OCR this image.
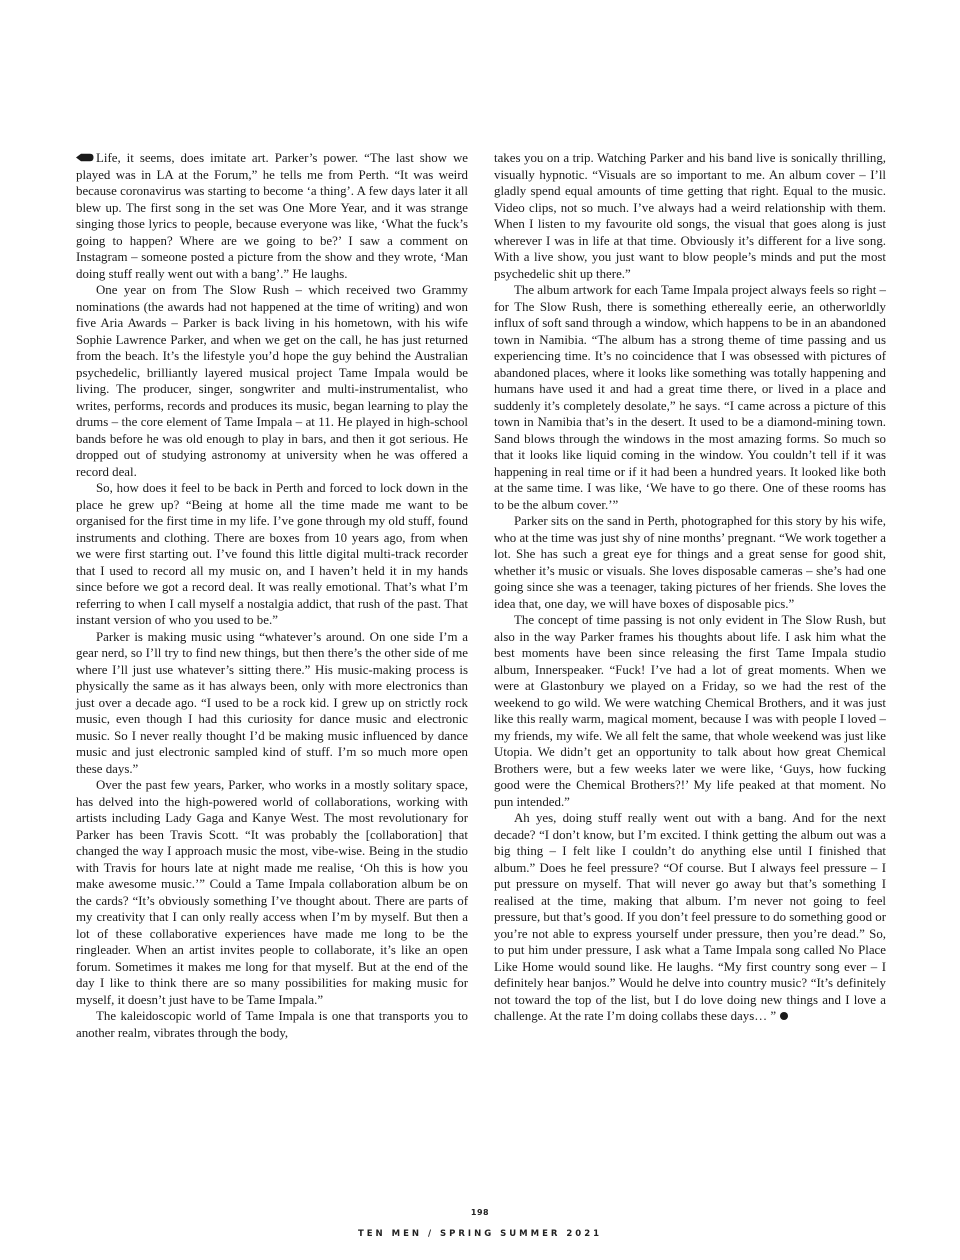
Life, it seems, does imitate art. Parker’s power. “The last show we played was in LA at the Forum,” he tells me from Perth. “It was weird because coronavirus was starting to become ‘a thing’. A few days later it all blew up. The first song in the set was One More Year, and it was strange singing those lyrics to people, because everyone was like, ‘What the fuck’s going to happen? Where are we going to be?’ I saw a comment on Instagram – someone posted a picture from the show and they wrote, ‘Man doing stuff really went out with a bang’.” He laughs.

One year on from The Slow Rush – which received two Grammy nominations (the awards had not happened at the time of writing) and won five Aria Awards – Parker is back living in his hometown, with his wife Sophie Lawrence Parker, and when we get on the call, he has just returned from the beach. It’s the lifestyle you’d hope the guy behind the Australian psychedelic, brilliantly layered musical project Tame Impala would be living. The producer, singer, songwriter and multi-instrumentalist, who writes, performs, records and produces its music, began learning to play the drums – the core element of Tame Impala – at 11. He played in high-school bands before he was old enough to play in bars, and then it got serious. He dropped out of studying astronomy at university when he was offered a record deal.

So, how does it feel to be back in Perth and forced to lock down in the place he grew up? “Being at home all the time made me want to be organised for the first time in my life. I’ve gone through my old stuff, found instruments and clothing. There are boxes from 10 years ago, from when we were first starting out. I’ve found this little digital multi-track recorder that I used to record all my music on, and I haven’t held it in my hands since before we got a record deal. It was really emotional. That’s what I’m referring to when I call myself a nostalgia addict, that rush of the past. That instant version of who you used to be.”

Parker is making music using “whatever’s around. On one side I’m a gear nerd, so I’ll try to find new things, but then there’s the other side of me where I’ll just use whatever’s sitting there.” His music-making process is physically the same as it has always been, only with more electronics than just over a decade ago. “I used to be a rock kid. I grew up on strictly rock music, even though I had this curiosity for dance music and electronic music. So I never really thought I’d be making music influenced by dance music and just electronic sampled kind of stuff. I’m so much more open these days.”

Over the past few years, Parker, who works in a mostly solitary space, has delved into the high-powered world of collaborations, working with artists including Lady Gaga and Kanye West. The most revolutionary for Parker has been Travis Scott. “It was probably the [collaboration] that changed the way I approach music the most, vibe-wise. Being in the studio with Travis for hours late at night made me realise, ‘Oh this is how you make awesome music.’” Could a Tame Impala collaboration album be on the cards? “It’s obviously something I’ve thought about. There are parts of my creativity that I can only really access when I’m by myself. But then a lot of these collaborative experiences have made me long to be the ringleader. When an artist invites people to collaborate, it’s like an open forum. Sometimes it makes me long for that myself. But at the end of the day I like to think there are so many possibilities for making music for myself, it doesn’t just have to be Tame Impala.”

The kaleidoscopic world of Tame Impala is one that transports you to another realm, vibrates through the body,

takes you on a trip. Watching Parker and his band live is sonically thrilling, visually hypnotic. “Visuals are so important to me. An album cover – I’ll gladly spend equal amounts of time getting that right. Equal to the music. Video clips, not so much. I’ve always had a weird relationship with them. When I listen to my favourite old songs, the visual that goes along is just wherever I was in life at that time. Obviously it’s different for a live song. With a live show, you just want to blow people’s minds and put the most psychedelic shit up there.”

The album artwork for each Tame Impala project always feels so right – for The Slow Rush, there is something ethereally eerie, an otherworldly influx of soft sand through a window, which happens to be in an abandoned town in Namibia. “The album has a strong theme of time passing and us experiencing time. It’s no coincidence that I was obsessed with pictures of abandoned places, where it looks like something was totally happening and humans have used it and had a great time there, or lived in a place and suddenly it’s completely desolate,” he says. “I came across a picture of this town in Namibia that’s in the desert. It used to be a diamond-mining town. Sand blows through the windows in the most amazing forms. So much so that it looks like liquid coming in the window. You couldn’t tell if it was happening in real time or if it had been a hundred years. It looked like both at the same time. I was like, ‘We have to go there. One of these rooms has to be the album cover.’”

Parker sits on the sand in Perth, photographed for this story by his wife, who at the time was just shy of nine months’ pregnant. “We work together a lot. She has such a great eye for things and a great sense for good shit, whether it’s music or visuals. She loves disposable cameras – she’s had one going since she was a teenager, taking pictures of her friends. She loves the idea that, one day, we will have boxes of disposable pics.”

The concept of time passing is not only evident in The Slow Rush, but also in the way Parker frames his thoughts about life. I ask him what the best moments have been since releasing the first Tame Impala studio album, Innerspeaker. “Fuck! I’ve had a lot of great moments. When we were at Glastonbury we played on a Friday, so we had the rest of the weekend to go wild. We were watching Chemical Brothers, and it was just like this really warm, magical moment, because I was with people I loved – my friends, my wife. We all felt the same, that whole weekend was just like Utopia. We didn’t get an opportunity to talk about how great Chemical Brothers were, but a few weeks later we were like, ‘Guys, how fucking good were the Chemical Brothers?!’ My life peaked at that moment. No pun intended.”

Ah yes, doing stuff really went out with a bang. And for the next decade? “I don’t know, but I’m excited. I think getting the album out was a big thing – I felt like I couldn’t do anything else until I finished that album.” Does he feel pressure? “Of course. But I always feel pressure – I put pressure on myself. That will never go away but that’s something I realised at the time, making that album. I’m never not going to feel pressure, but that’s good. If you don’t feel pressure to do something good or you’re not able to express yourself under pressure, then you’re dead.” So, to put him under pressure, I ask what a Tame Impala song called No Place Like Home would sound like. He laughs. “My first country song ever – I definitely hear banjos.” Would he delve into country music? “It’s definitely not toward the top of the list, but I do love doing new things and I love a challenge. At the rate I’m doing collabs these days… ”

198
TEN MEN / SPRING SUMMER 2021
